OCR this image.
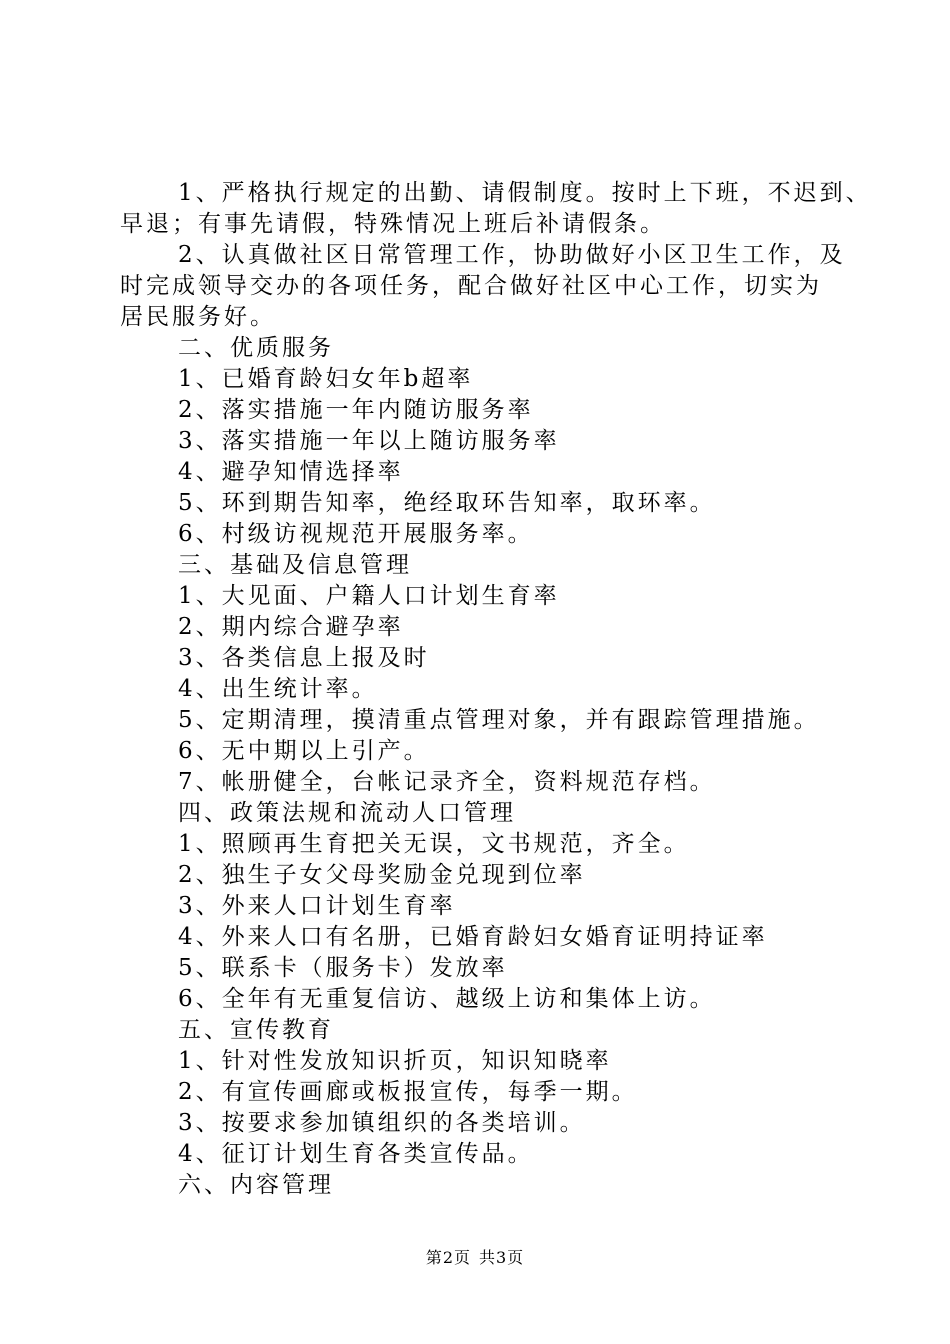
1、严格执行规定的出勤、请假制度。按时上下班，不迟到、
早退；有事先请假，特殊情况上班后补请假条。

2、认真做社区日常管理工作，协助做好小区卫生工作，及
时完成领导交办的各项任务，配合做好社区中心工作，切实为
居民服务好。

二、优质服务
1、已婚育龄妇女年b超率
2、落实措施一年内随访服务率
3、落实措施一年以上随访服务率
4、避孕知情选择率
5、环到期告知率，绝经取环告知率，取环率。
6、村级访视规范开展服务率。
三、基础及信息管理
1、大见面、户籍人口计划生育率
2、期内综合避孕率
3、各类信息上报及时
4、出生统计率。
5、定期清理，摸清重点管理对象，并有跟踪管理措施。
6、无中期以上引产。
7、帐册健全，台帐记录齐全，资料规范存档。
四、政策法规和流动人口管理
1、照顾再生育把关无误，文书规范，齐全。
2、独生子女父母奖励金兑现到位率
3、外来人口计划生育率
4、外来人口有名册，已婚育龄妇女婚育证明持证率
5、联系卡（服务卡）发放率
6、全年有无重复信访、越级上访和集体上访。
五、宣传教育
1、针对性发放知识折页，知识知晓率
2、有宣传画廊或板报宣传，每季一期。
3、按要求参加镇组织的各类培训。
4、征订计划生育各类宣传品。
六、内容管理
第2页 共3页
